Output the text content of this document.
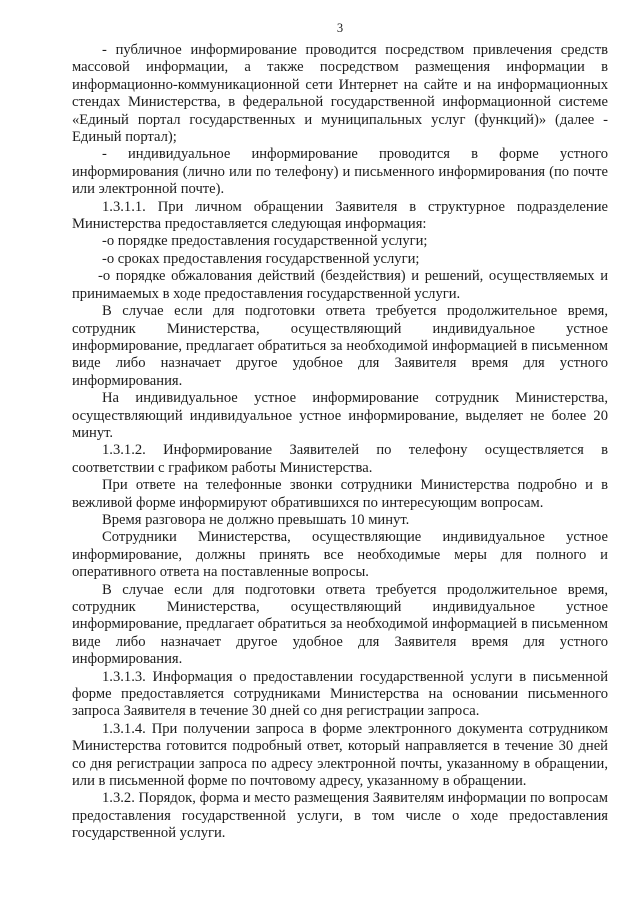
3

- публичное информирование проводится посредством привлечения средств массовой информации, а также посредством размещения информации в информационно-коммуникационной сети Интернет на сайте и на информационных стендах Министерства, в федеральной государственной информационной системе «Единый портал государственных и муниципальных услуг (функций)» (далее - Единый портал);

- индивидуальное информирование проводится в форме устного информирования (лично или по телефону) и письменного информирования (по почте или электронной почте).

1.3.1.1. При личном обращении Заявителя в структурное подразделение Министерства предоставляется следующая информация:

-о порядке предоставления государственной услуги;

-о сроках предоставления государственной услуги;

-о порядке обжалования действий (бездействия) и решений, осуществляемых и принимаемых в ходе предоставления государственной услуги.

В случае если для подготовки ответа требуется продолжительное время, сотрудник Министерства, осуществляющий индивидуальное устное информирование, предлагает обратиться за необходимой информацией в письменном виде либо назначает другое удобное для Заявителя время для устного информирования.

На индивидуальное устное информирование сотрудник Министерства, осуществляющий индивидуальное устное информирование, выделяет не более 20 минут.

1.3.1.2. Информирование Заявителей по телефону осуществляется в соответствии с графиком работы Министерства.

При ответе на телефонные звонки сотрудники Министерства подробно и в вежливой форме информируют обратившихся по интересующим вопросам.

Время разговора не должно превышать 10 минут.

Сотрудники Министерства, осуществляющие индивидуальное устное информирование, должны принять все необходимые меры для полного и оперативного ответа на поставленные вопросы.

В случае если для подготовки ответа требуется продолжительное время, сотрудник Министерства, осуществляющий индивидуальное устное информирование, предлагает обратиться за необходимой информацией в письменном виде либо назначает другое удобное для Заявителя время для устного информирования.

1.3.1.3. Информация о предоставлении государственной услуги в письменной форме предоставляется сотрудниками Министерства на основании письменного запроса Заявителя в течение 30 дней со дня регистрации запроса.

1.3.1.4. При получении запроса в форме электронного документа сотрудником Министерства готовится подробный ответ, который направляется в течение 30 дней со дня регистрации запроса по адресу электронной почты, указанному в обращении, или в письменной форме по почтовому адресу, указанному в обращении.

1.3.2. Порядок, форма и место размещения Заявителям информации по вопросам предоставления государственной услуги, в том числе о ходе предоставления государственной услуги.
